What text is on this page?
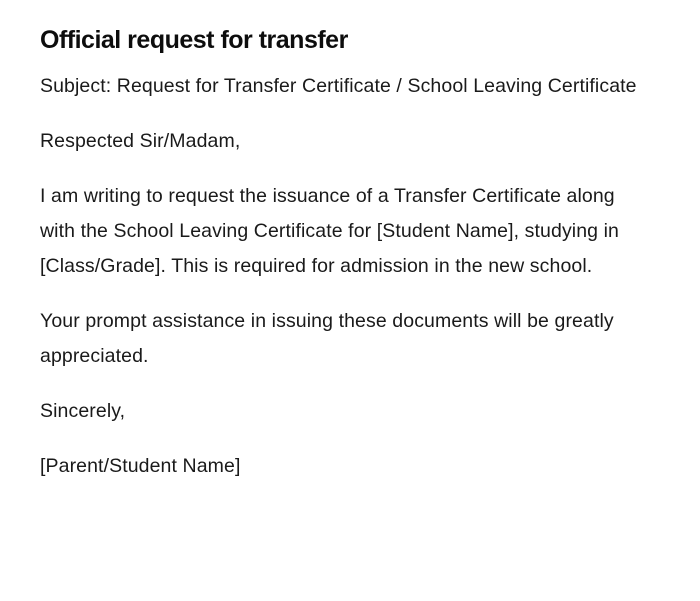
Official request for transfer

Subject: Request for Transfer Certificate / School Leaving Certificate

Respected Sir/Madam,

I am writing to request the issuance of a Transfer Certificate along with the School Leaving Certificate for [Student Name], studying in [Class/Grade]. This is required for admission in the new school.

Your prompt assistance in issuing these documents will be greatly appreciated.

Sincerely,

[Parent/Student Name]
